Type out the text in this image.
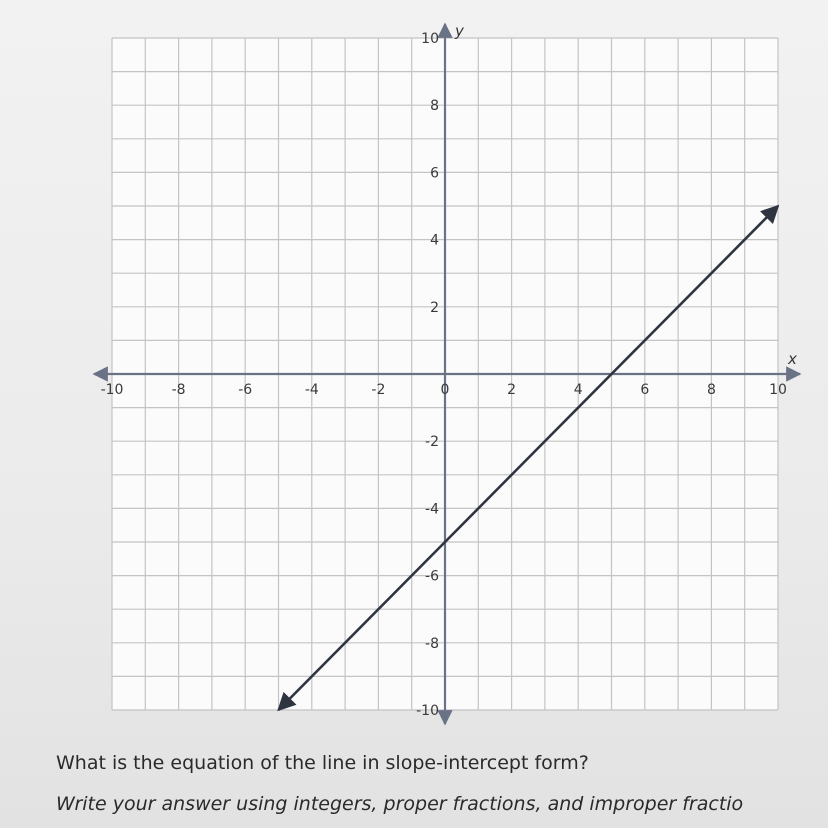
x
y
-10	-8	-6	-4	-2	0	2	4	6	8	10
-10
-8
-6
-4
-2
2
4
6
8
10
What is the equation of the line in slope-intercept form?
Write your answer using integers, proper fractions, and improper fractio
